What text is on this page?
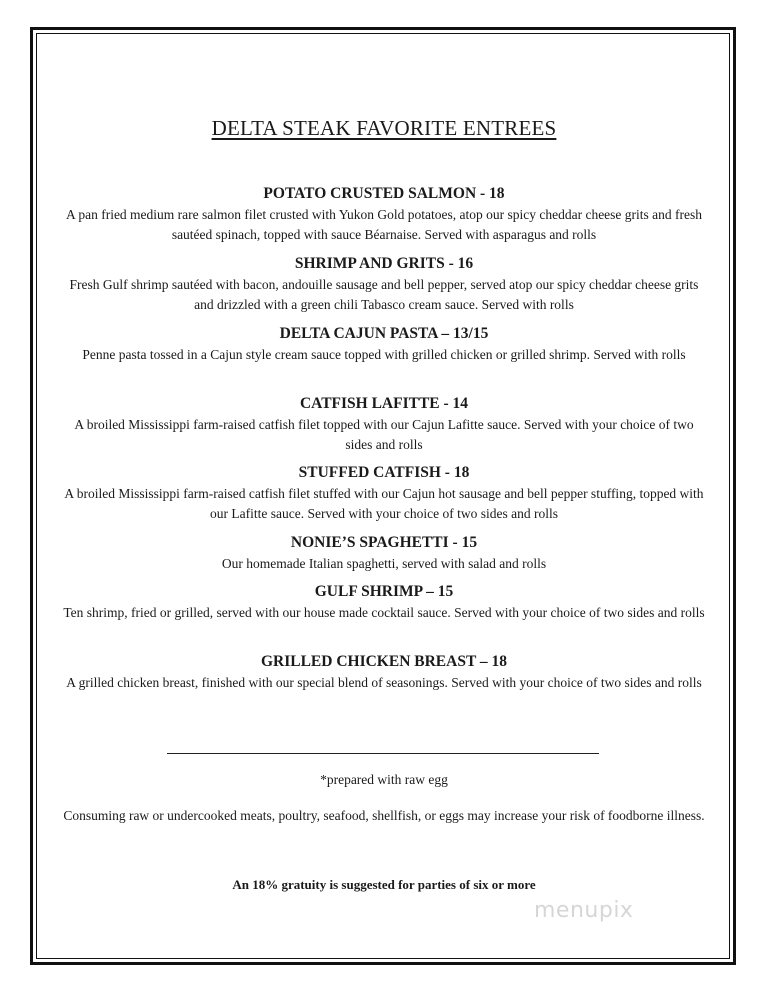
DELTA STEAK FAVORITE ENTREES
POTATO CRUSTED SALMON - 18
A pan fried medium rare salmon filet crusted with Yukon Gold potatoes, atop our spicy cheddar cheese grits and fresh sautéed spinach, topped with sauce Béarnaise. Served with asparagus and rolls
SHRIMP AND GRITS - 16
Fresh Gulf shrimp sautéed with bacon, andouille sausage and bell pepper, served atop our spicy cheddar cheese grits and drizzled with a green chili Tabasco cream sauce. Served with rolls
DELTA CAJUN PASTA – 13/15
Penne pasta tossed in a Cajun style cream sauce topped with grilled chicken or grilled shrimp. Served with rolls
CATFISH LAFITTE - 14
A broiled Mississippi farm-raised catfish filet topped with our Cajun Lafitte sauce. Served with your choice of two sides and rolls
STUFFED CATFISH - 18
A broiled Mississippi farm-raised catfish filet stuffed with our Cajun hot sausage and bell pepper stuffing, topped with our Lafitte sauce. Served with your choice of two sides and rolls
NONIE’S SPAGHETTI - 15
Our homemade Italian spaghetti, served with salad and rolls
GULF SHRIMP – 15
Ten shrimp, fried or grilled, served with our house made cocktail sauce. Served with your choice of two sides and rolls
GRILLED CHICKEN BREAST – 18
A grilled chicken breast, finished with our special blend of seasonings. Served with your choice of two sides and rolls
*prepared with raw egg
Consuming raw or undercooked meats, poultry, seafood, shellfish, or eggs may increase your risk of foodborne illness.
An 18% gratuity is suggested for parties of six or more
menupix
